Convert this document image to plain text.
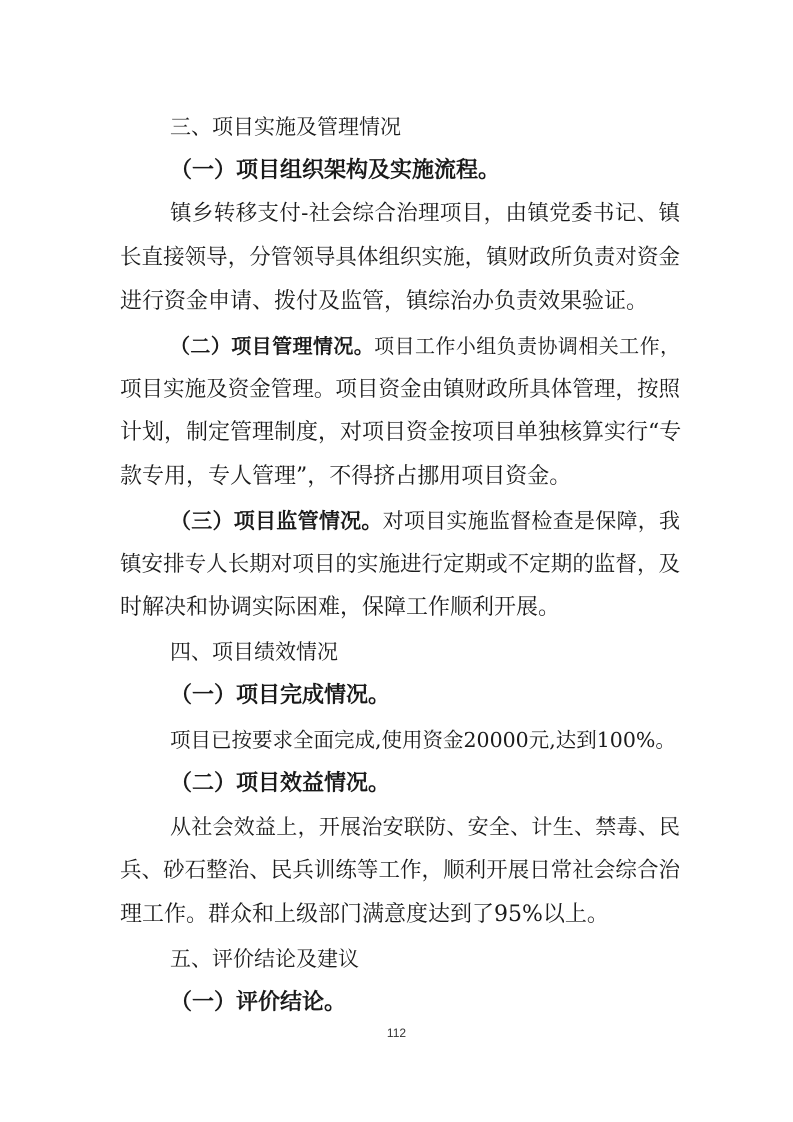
三、项目实施及管理情况
（一）项目组织架构及实施流程。
镇乡转移支付-社会综合治理项目，由镇党委书记、镇
长直接领导，分管领导具体组织实施，镇财政所负责对资金
进行资金申请、拨付及监管，镇综治办负责效果验证。
（二）项目管理情况。项目工作小组负责协调相关工作，
项目实施及资金管理。项目资金由镇财政所具体管理，按照
计划，制定管理制度，对项目资金按项目单独核算实行“专
款专用，专人管理”，不得挤占挪用项目资金。
（三）项目监管情况。对项目实施监督检查是保障，我
镇安排专人长期对项目的实施进行定期或不定期的监督，及
时解决和协调实际困难，保障工作顺利开展。
四、项目绩效情况
（一）项目完成情况。
项目已按要求全面完成,使用资金20000元,达到100%。
（二）项目效益情况。
从社会效益上，开展治安联防、安全、计生、禁毒、民
兵、砂石整治、民兵训练等工作，顺利开展日常社会综合治
理工作。群众和上级部门满意度达到了95%以上。
五、评价结论及建议
（一）评价结论。
112
